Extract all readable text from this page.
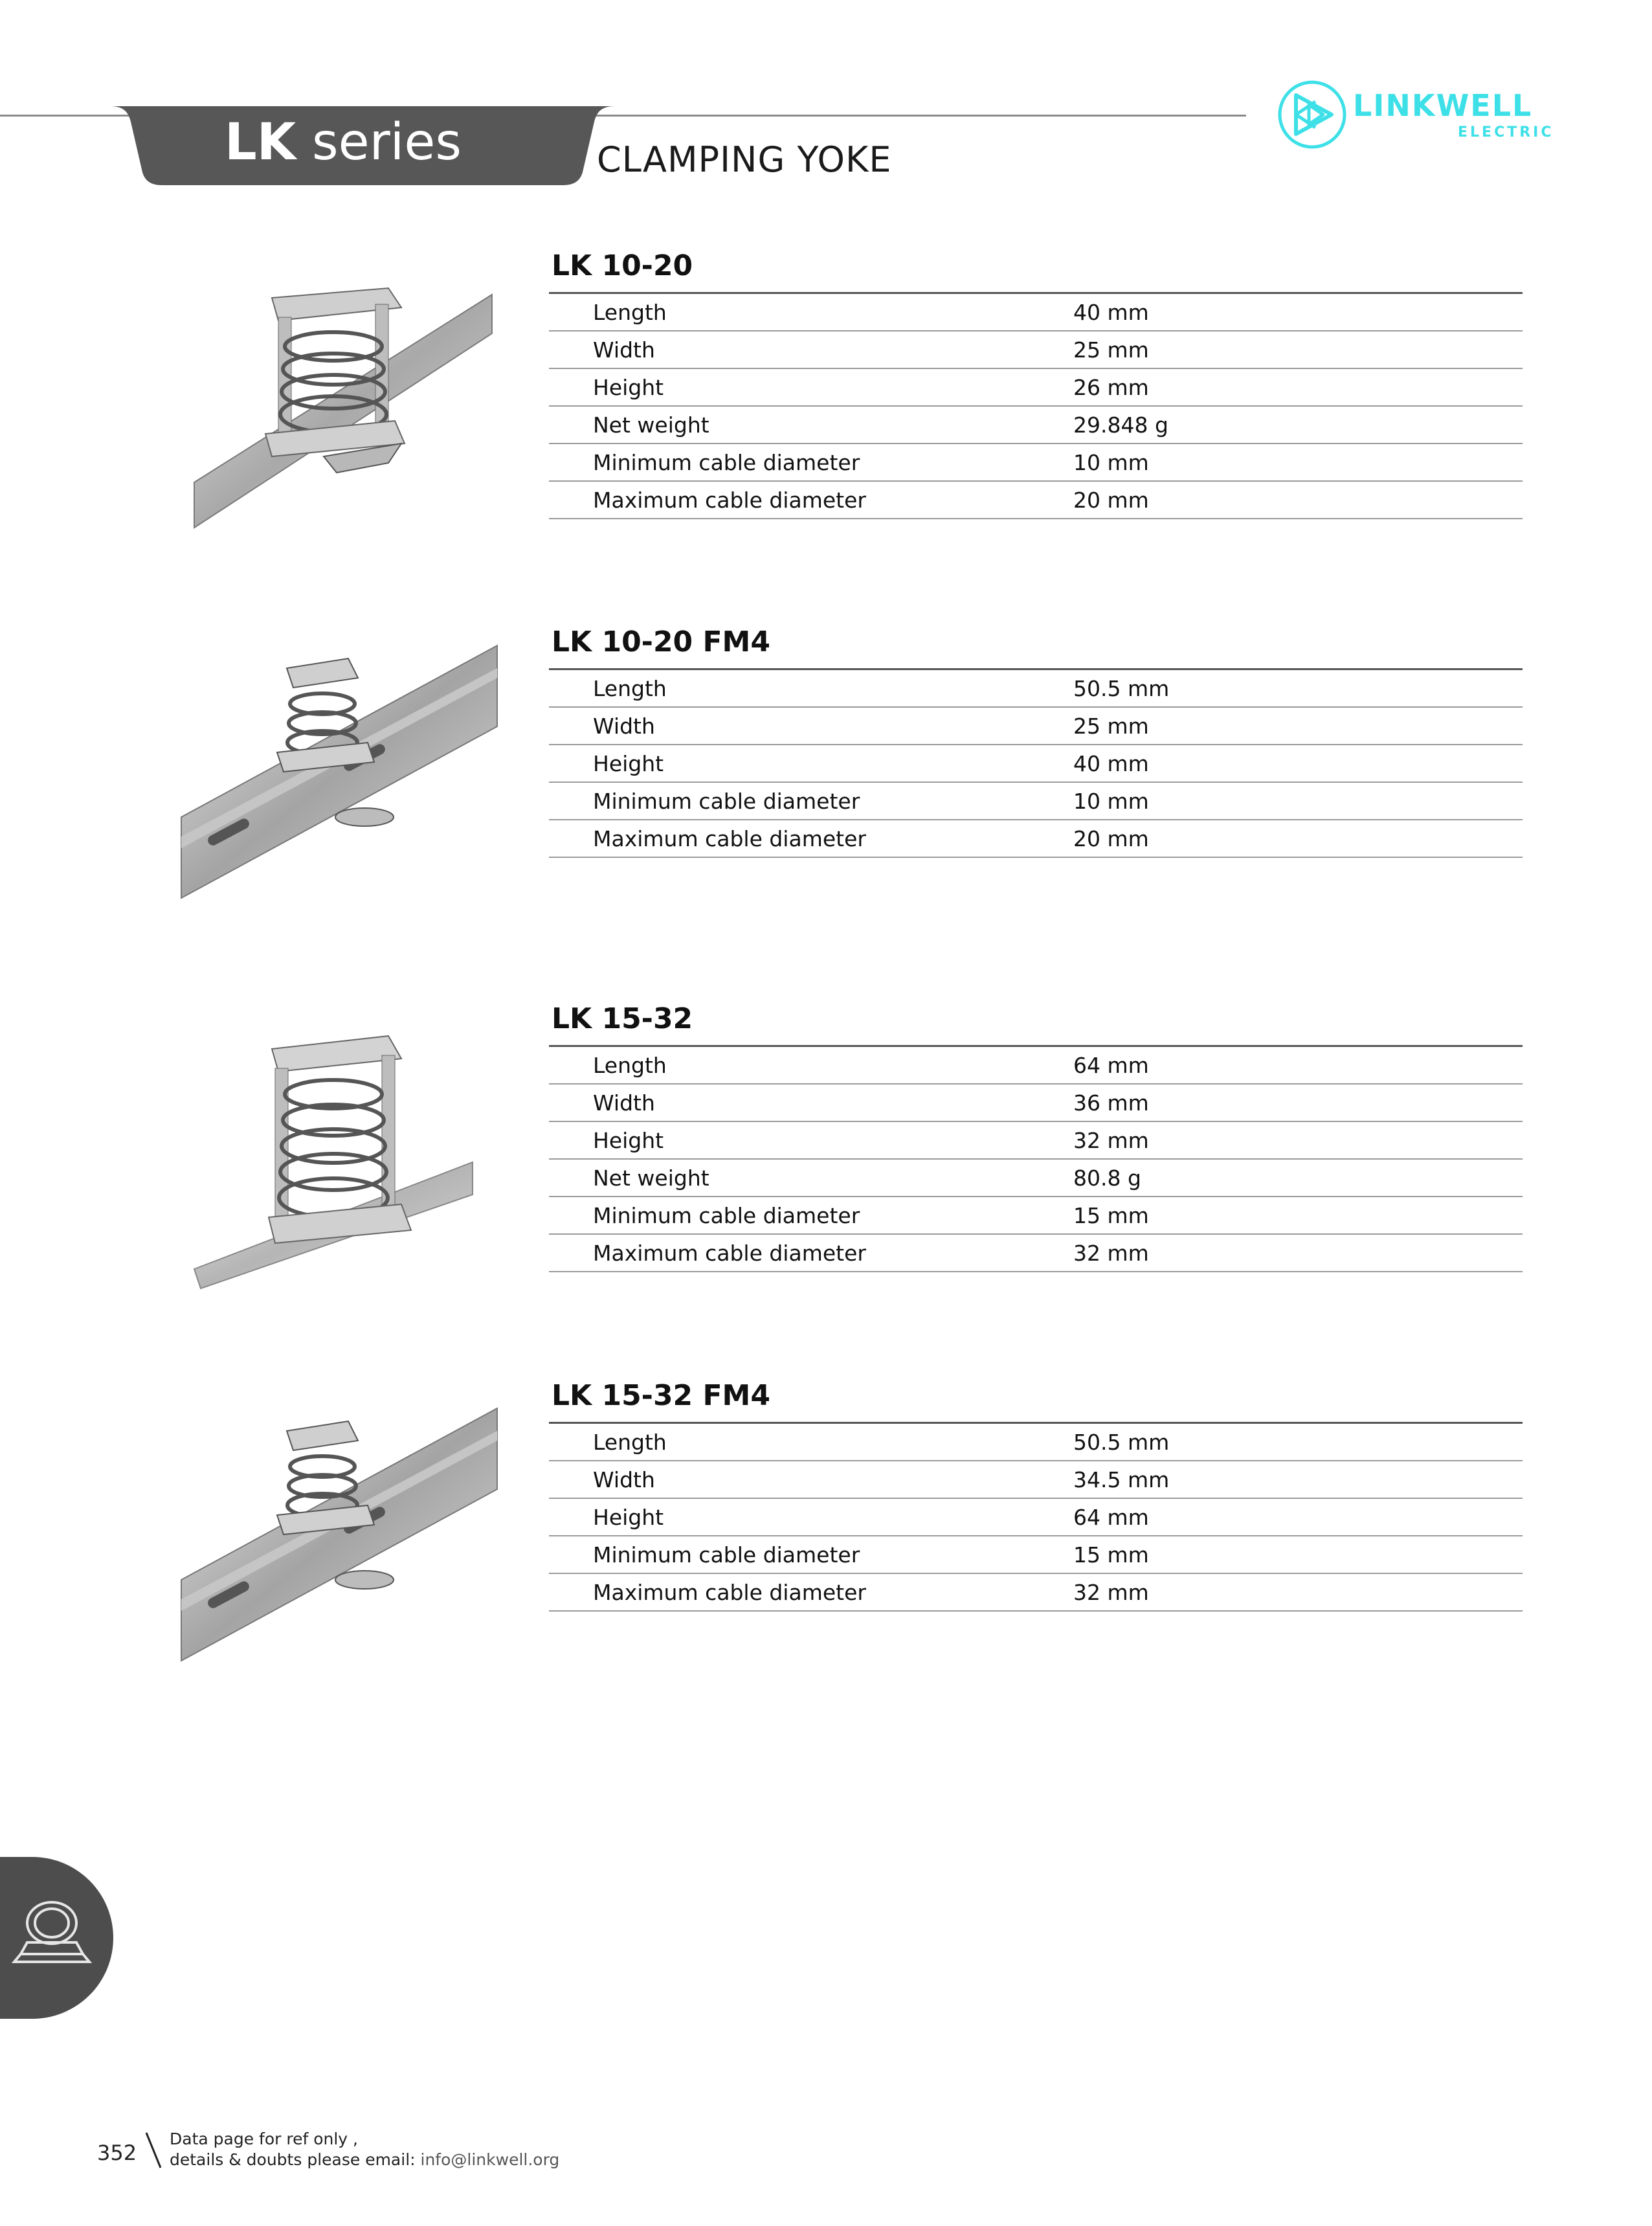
LK series	CLAMPING YOKE
LINKWELL
ELECTRIC
LK 10-20
Length	40 mm
Width	25 mm
Height	26 mm
Net weight	29.848 g
Minimum cable diameter	10 mm
Maximum cable diameter	20 mm
LK 10-20 FM4
Length	50.5 mm
Width	25 mm
Height	40 mm
Minimum cable diameter	10 mm
Maximum cable diameter	20 mm
LK 15-32
Length	64 mm
Width	36 mm
Height	32 mm
Net weight	80.8 g
Minimum cable diameter	15 mm
Maximum cable diameter	32 mm
LK 15-32 FM4
Length	50.5 mm
Width	34.5 mm
Height	64 mm
Minimum cable diameter	15 mm
Maximum cable diameter	32 mm
352
Data page for ref only ,
details & doubts please email: info@linkwell.org
